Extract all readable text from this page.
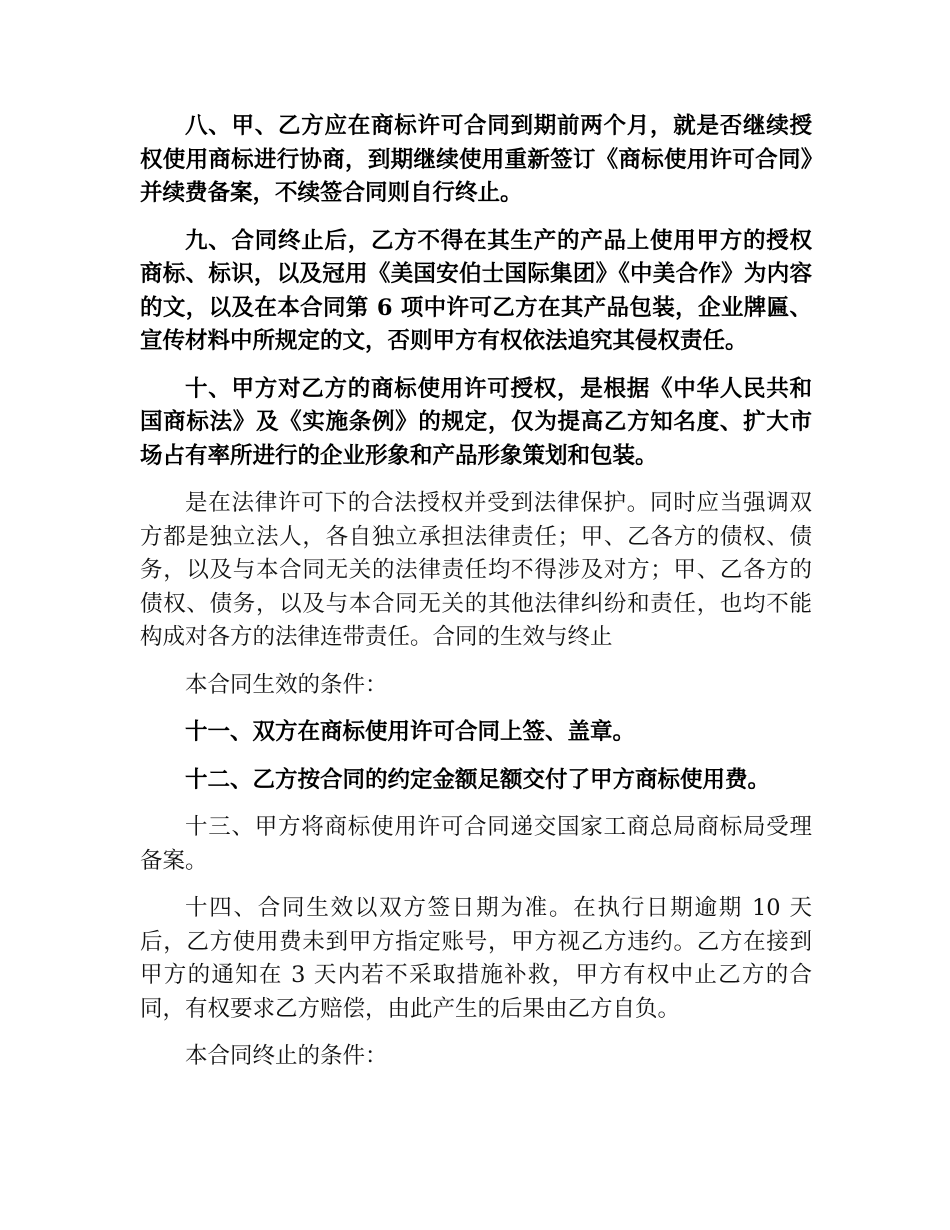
八、甲、乙方应在商标许可合同到期前两个月，就是否继续授权使用商标进行协商，到期继续使用重新签订《商标使用许可合同》并续费备案，不续签合同则自行终止。

九、合同终止后，乙方不得在其生产的产品上使用甲方的授权商标、标识，以及冠用《美国安伯士国际集团》《中美合作》为内容的文，以及在本合同第 6 项中许可乙方在其产品包装，企业牌匾、宣传材料中所规定的文，否则甲方有权依法追究其侵权责任。

十、甲方对乙方的商标使用许可授权，是根据《中华人民共和国商标法》及《实施条例》的规定，仅为提高乙方知名度、扩大市场占有率所进行的企业形象和产品形象策划和包装。

是在法律许可下的合法授权并受到法律保护。同时应当强调双方都是独立法人，各自独立承担法律责任；甲、乙各方的债权、债务，以及与本合同无关的法律责任均不得涉及对方；甲、乙各方的债权、债务，以及与本合同无关的其他法律纠纷和责任，也均不能构成对各方的法律连带责任。合同的生效与终止

本合同生效的条件：

十一、双方在商标使用许可合同上签、盖章。

十二、乙方按合同的约定金额足额交付了甲方商标使用费。

十三、甲方将商标使用许可合同递交国家工商总局商标局受理备案。

十四、合同生效以双方签日期为准。在执行日期逾期 10 天后，乙方使用费未到甲方指定账号，甲方视乙方违约。乙方在接到甲方的通知在 3 天内若不采取措施补救，甲方有权中止乙方的合同，有权要求乙方赔偿，由此产生的后果由乙方自负。

本合同终止的条件：
